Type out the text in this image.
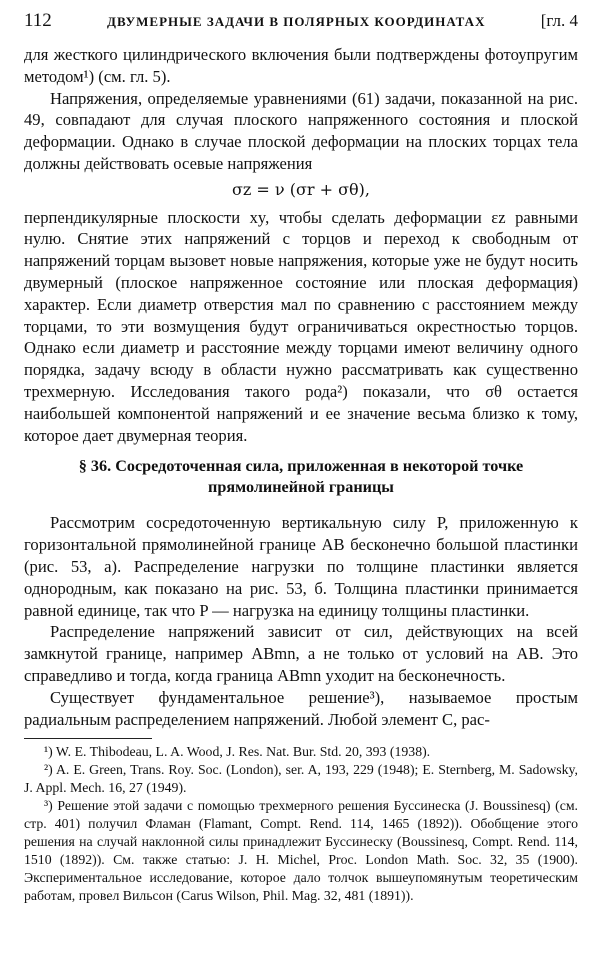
112	ДВУМЕРНЫЕ ЗАДАЧИ В ПОЛЯРНЫХ КООРДИНАТАХ	[гл. 4

для жесткого цилиндрического включения были подтверждены фотоупругим методом¹) (см. гл. 5).

Напряжения, определяемые уравнениями (61) задачи, показанной на рис. 49, совпадают для случая плоского напряженного состояния и плоской деформации. Однако в случае плоской деформации на плоских торцах тела должны действовать осевые напряжения

σz = ν (σr + σθ),

перпендикулярные плоскости xy, чтобы сделать деформации εz равными нулю. Снятие этих напряжений с торцов и переход к свободным от напряжений торцам вызовет новые напряжения, которые уже не будут носить двумерный (плоское напряженное состояние или плоская деформация) характер. Если диаметр отверстия мал по сравнению с расстоянием между торцами, то эти возмущения будут ограничиваться окрестностью торцов. Однако если диаметр и расстояние между торцами имеют величину одного порядка, задачу всюду в области нужно рассматривать как существенно трехмерную. Исследования такого рода²) показали, что σθ остается наибольшей компонентой напряжений и ее значение весьма близко к тому, которое дает двумерная теория.

§ 36. Сосредоточенная сила, приложенная в некоторой точке
прямолинейной границы

Рассмотрим сосредоточенную вертикальную силу P, приложенную к горизонтальной прямолинейной границе AB бесконечно большой пластинки (рис. 53, а). Распределение нагрузки по толщине пластинки является однородным, как показано на рис. 53, б. Толщина пластинки принимается равной единице, так что P — нагрузка на единицу толщины пластинки.

Распределение напряжений зависит от сил, действующих на всей замкнутой границе, например ABmn, а не только от условий на AB. Это справедливо и тогда, когда граница ABmn уходит на бесконечность.

Существует фундаментальное решение³), называемое простым радиальным распределением напряжений. Любой элемент C, рас-

¹) W. E. Thibodeau, L. A. Wood, J. Res. Nat. Bur. Std. 20, 393 (1938).

²) A. E. Green, Trans. Roy. Soc. (London), ser. A, 193, 229 (1948); E. Sternberg, M. Sadowsky, J. Appl. Mech. 16, 27 (1949).

³) Решение этой задачи с помощью трехмерного решения Буссинеска (J. Boussinesq) (см. стр. 401) получил Фламан (Flamant, Compt. Rend. 114, 1465 (1892)). Обобщение этого решения на случай наклонной силы принадлежит Буссинеску (Boussinesq, Compt. Rend. 114, 1510 (1892)). См. также статью: J. H. Michel, Proc. London Math. Soc. 32, 35 (1900). Экспериментальное исследование, которое дало толчок вышеупомянутым теоретическим работам, провел Вильсон (Carus Wilson, Phil. Mag. 32, 481 (1891)).
